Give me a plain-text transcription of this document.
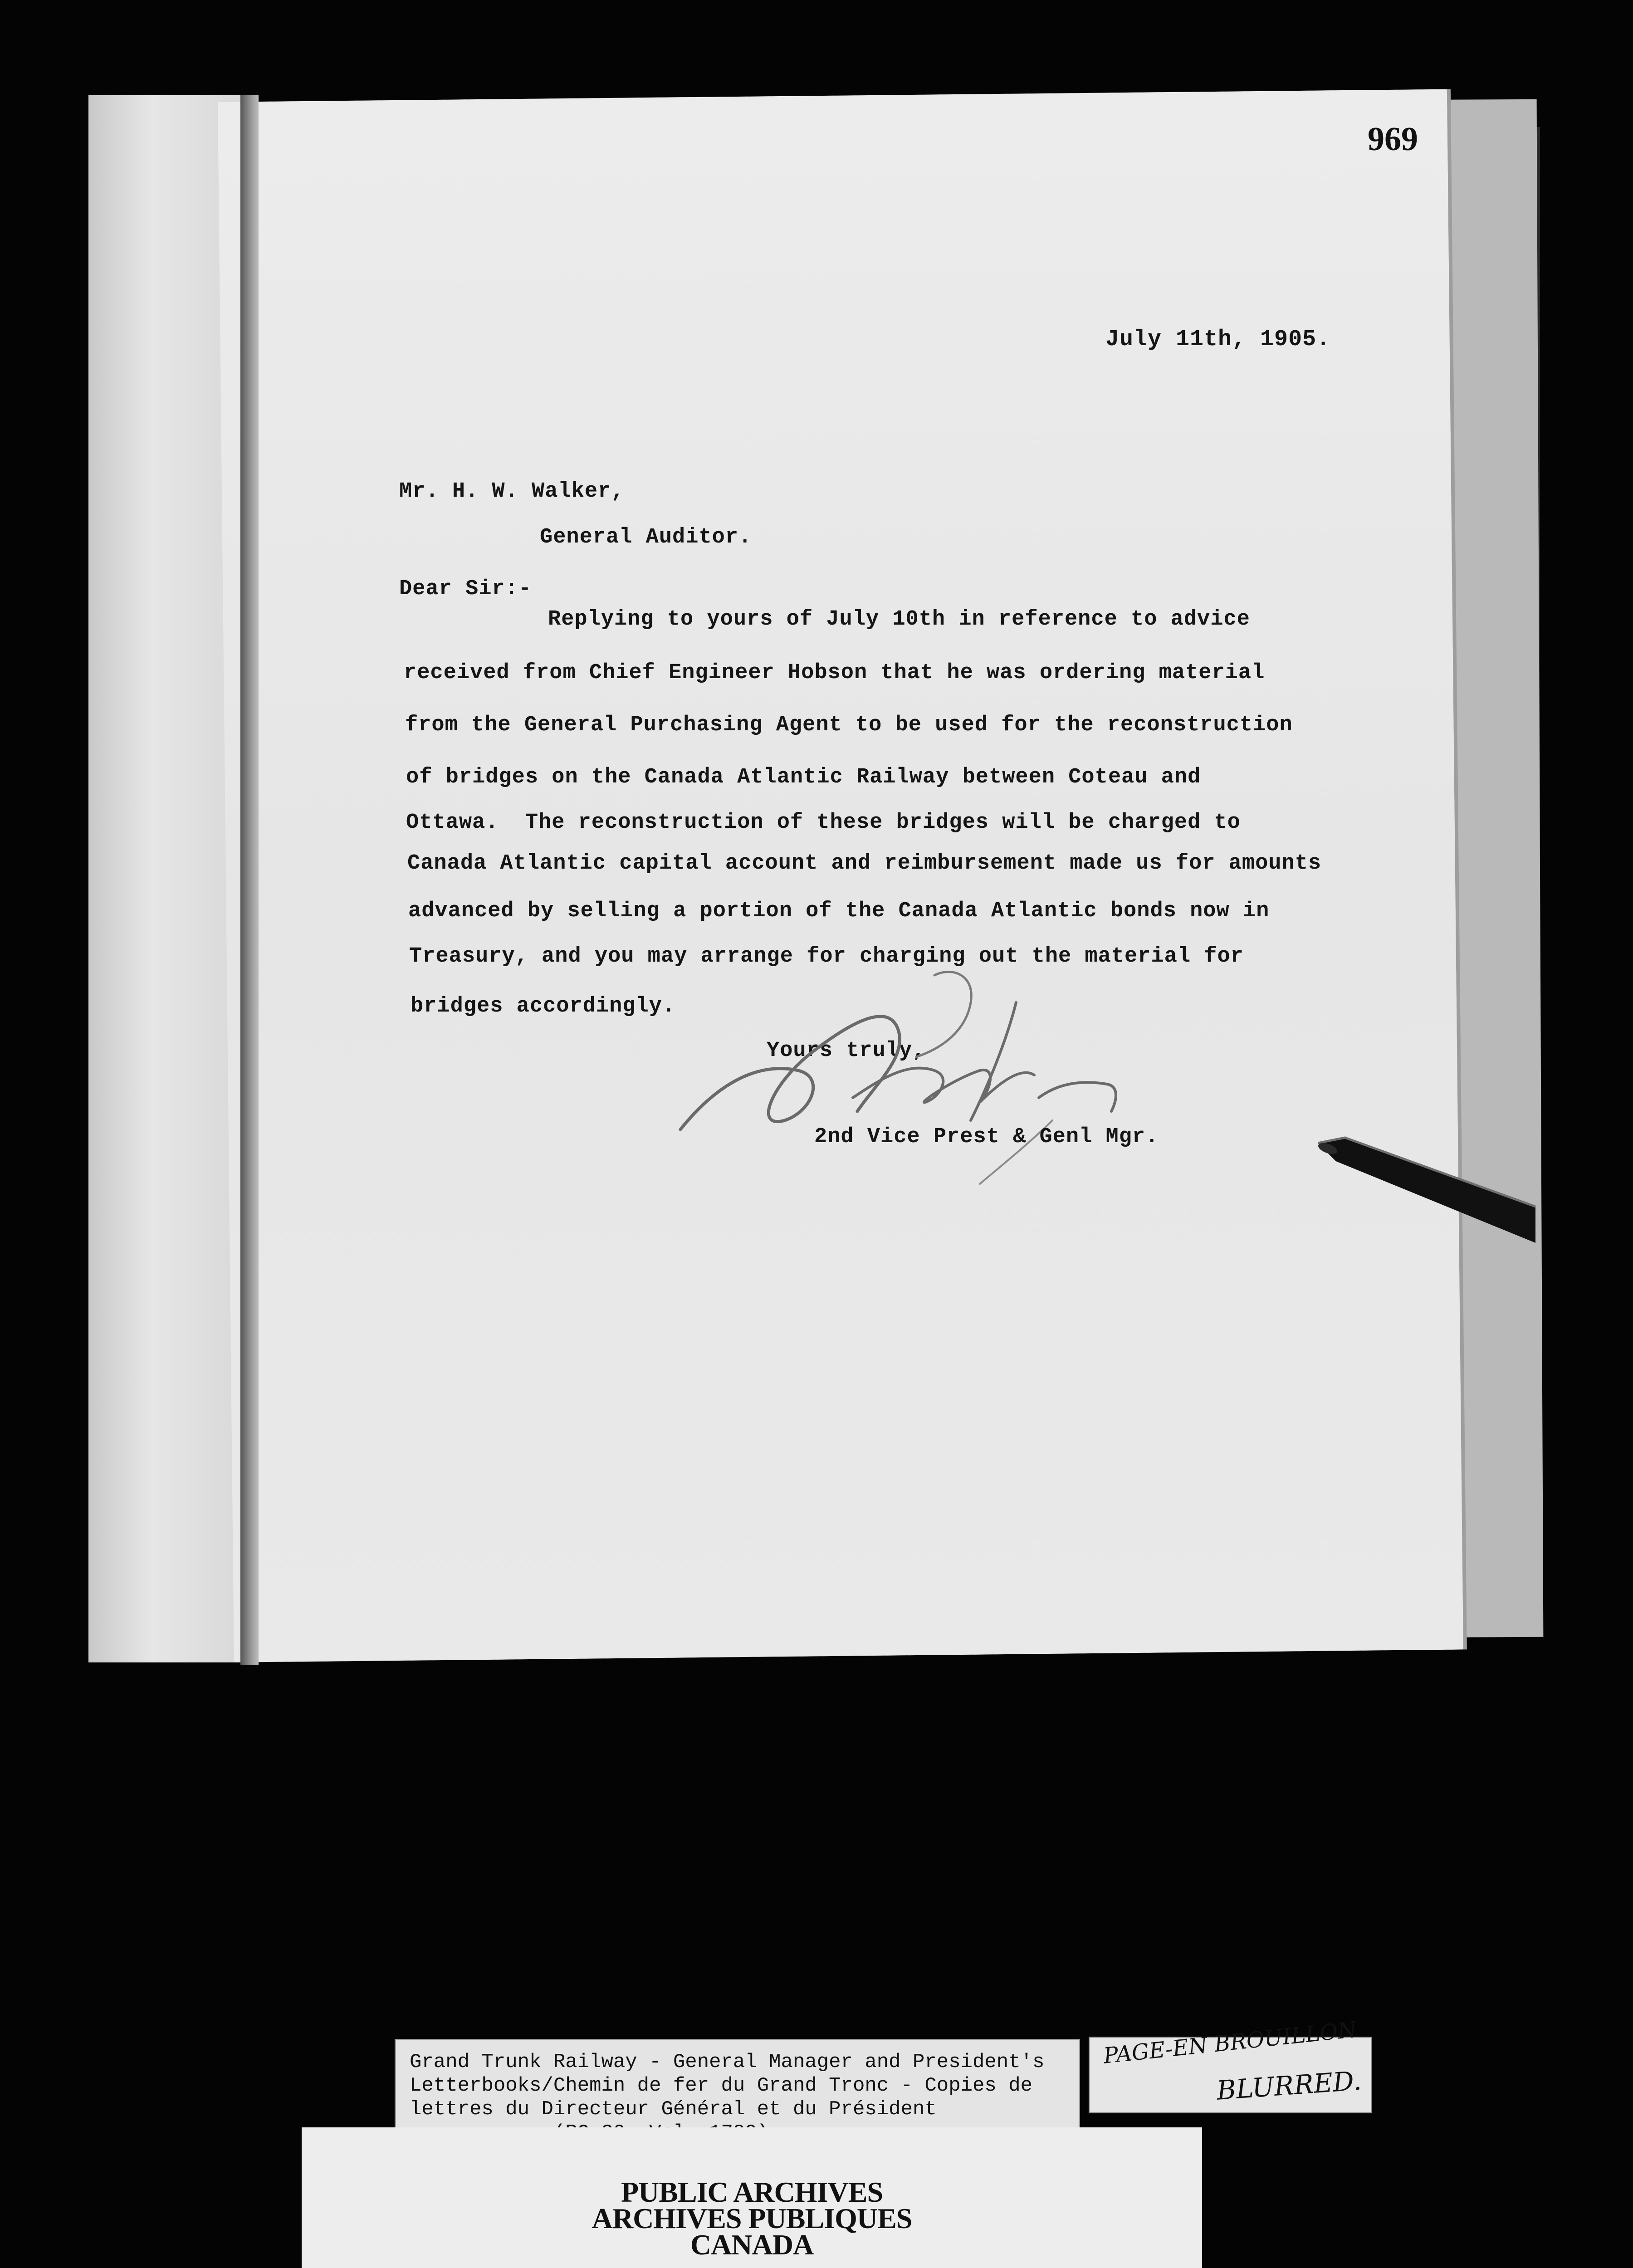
969
July 11th, 1905.
Mr. H. W. Walker,
General Auditor.
Dear Sir:-
Replying to yours of July 10th in reference to advice
received from Chief Engineer Hobson that he was ordering material
from the General Purchasing Agent to be used for the reconstruction
of bridges on the Canada Atlantic Railway between Coteau and
Ottawa.  The reconstruction of these bridges will be charged to
Canada Atlantic capital account and reimbursement made us for amounts
advanced by selling a portion of the Canada Atlantic bonds now in
Treasury, and you may arrange for charging out the material for
bridges accordingly.
Yours truly,
2nd Vice Prest & Genl Mgr.
Grand Trunk Railway - General Manager and President's
Letterbooks/Chemin de fer du Grand Tronc - Copies de
lettres du Directeur Général et du Président
PAGE-EN BROUILLON
BLURRED.
PUBLIC ARCHIVES
ARCHIVES PUBLIQUES
CANADA
